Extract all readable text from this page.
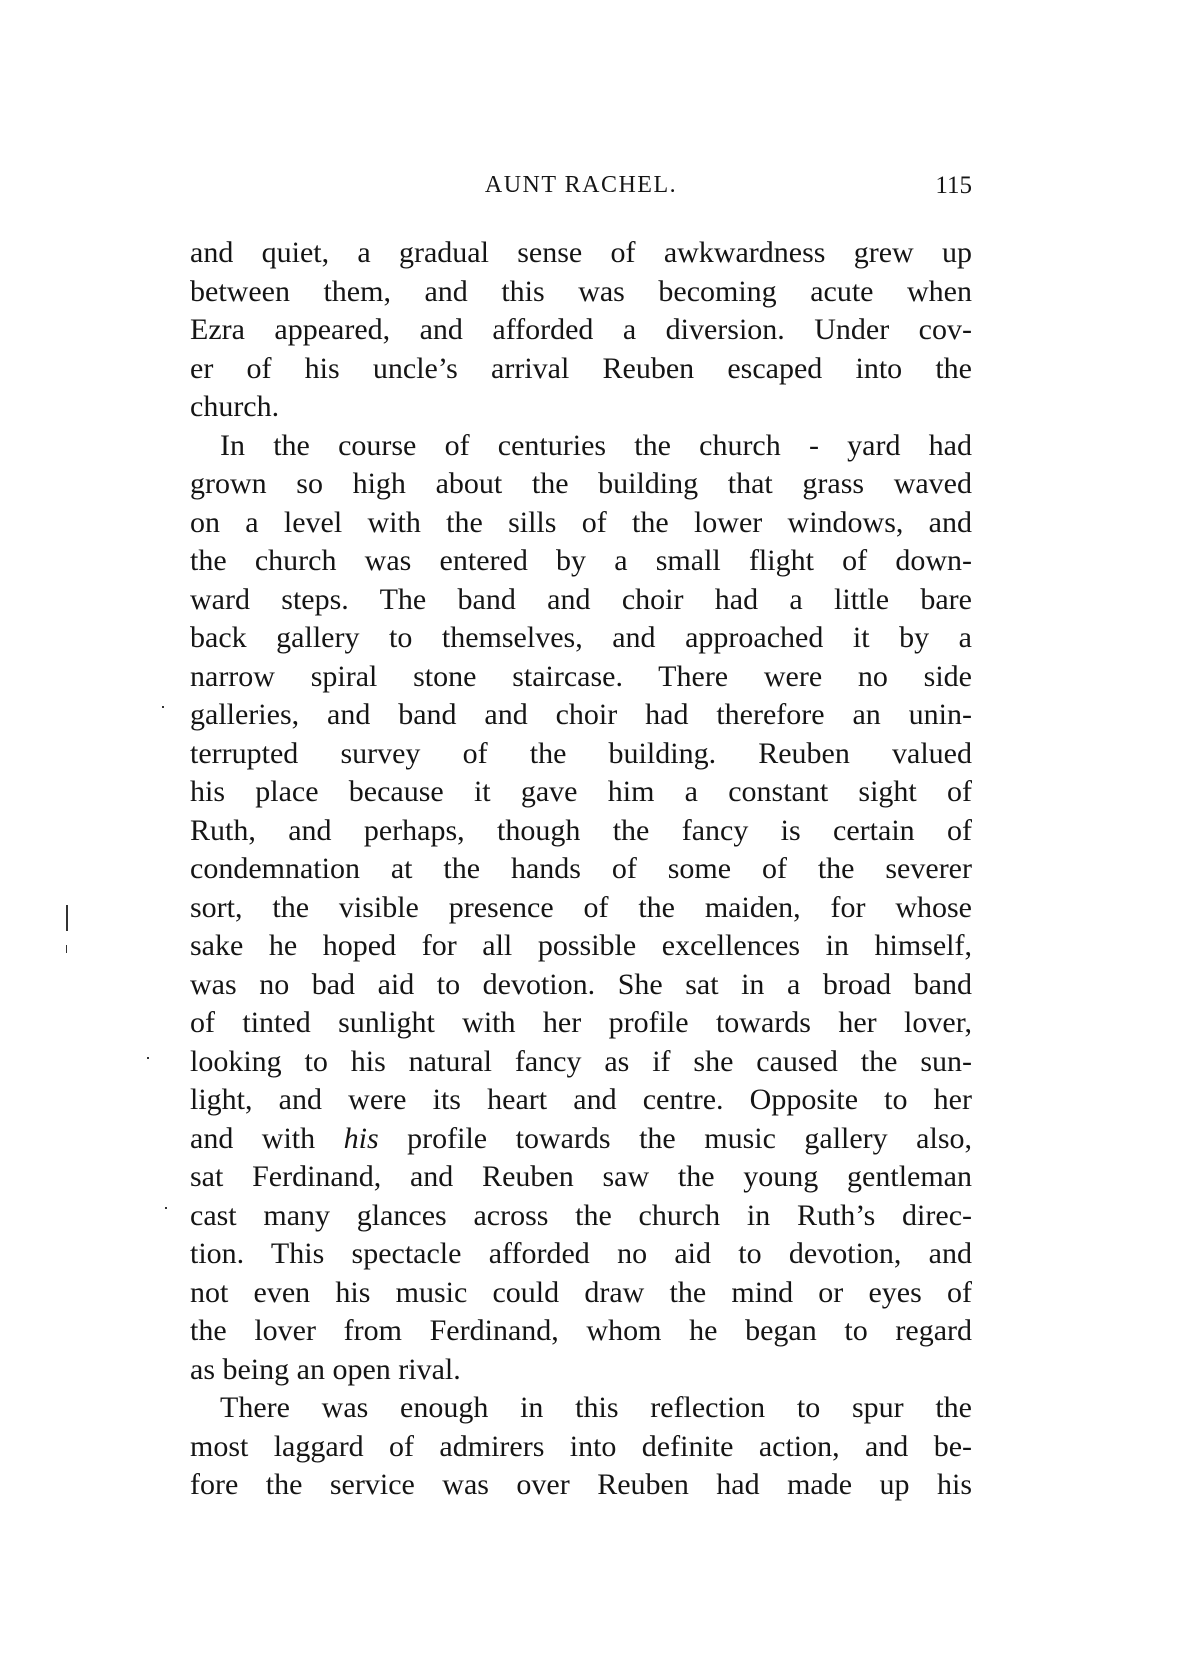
AUNT RACHEL.	115
and quiet, a gradual sense of awkwardness grew up
between them, and this was becoming acute when
Ezra appeared, and afforded a diversion. Under cov-
er of his uncle’s arrival Reuben escaped into the
church.
In the course of centuries the church - yard had
grown so high about the building that grass waved
on a level with the sills of the lower windows, and
the church was entered by a small flight of down-
ward steps. The band and choir had a little bare
back gallery to themselves, and approached it by a
narrow spiral stone staircase. There were no side
galleries, and band and choir had therefore an unin-
terrupted survey of the building. Reuben valued
his place because it gave him a constant sight of
Ruth, and perhaps, though the fancy is certain of
condemnation at the hands of some of the severer
sort, the visible presence of the maiden, for whose
sake he hoped for all possible excellences in himself,
was no bad aid to devotion. She sat in a broad band
of tinted sunlight with her profile towards her lover,
looking to his natural fancy as if she caused the sun-
light, and were its heart and centre. Opposite to her
and with his profile towards the music gallery also,
sat Ferdinand, and Reuben saw the young gentleman
cast many glances across the church in Ruth’s direc-
tion. This spectacle afforded no aid to devotion, and
not even his music could draw the mind or eyes of
the lover from Ferdinand, whom he began to regard
as being an open rival.
There was enough in this reflection to spur the
most laggard of admirers into definite action, and be-
fore the service was over Reuben had made up his
